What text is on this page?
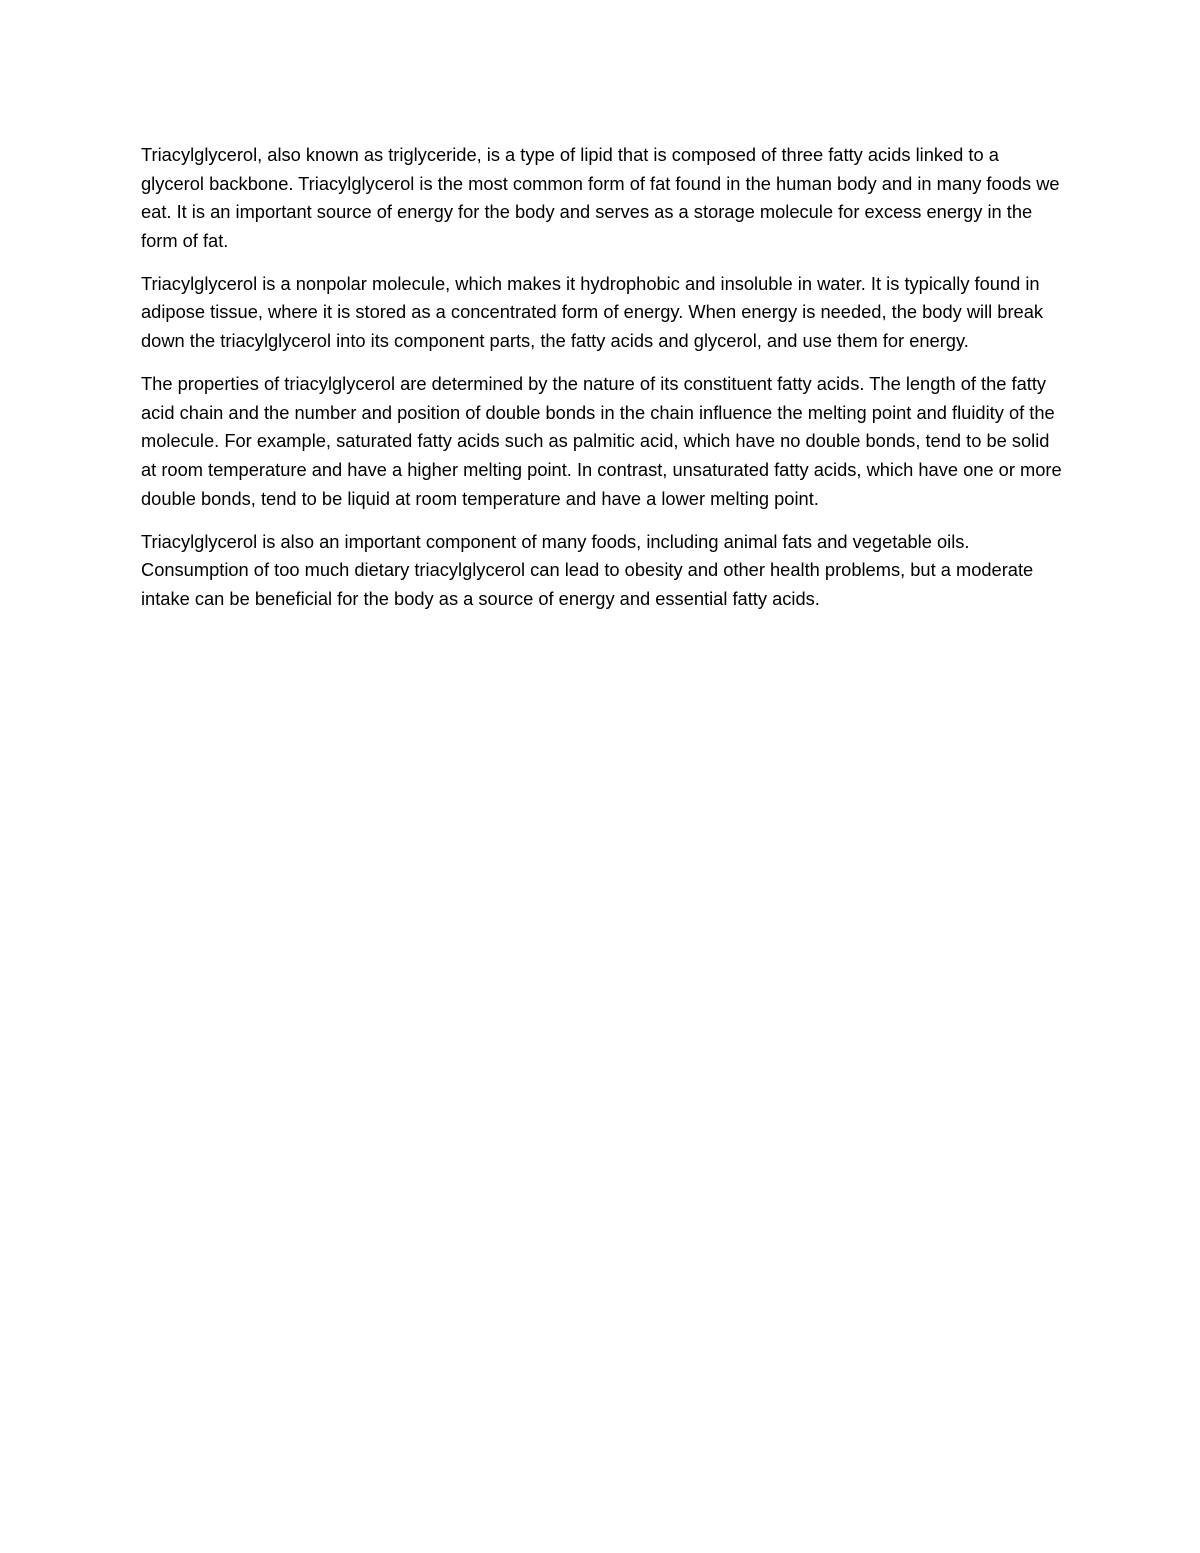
Triacylglycerol, also known as triglyceride, is a type of lipid that is composed of three fatty acids linked to a glycerol backbone. Triacylglycerol is the most common form of fat found in the human body and in many foods we eat. It is an important source of energy for the body and serves as a storage molecule for excess energy in the form of fat.

Triacylglycerol is a nonpolar molecule, which makes it hydrophobic and insoluble in water. It is typically found in adipose tissue, where it is stored as a concentrated form of energy. When energy is needed, the body will break down the triacylglycerol into its component parts, the fatty acids and glycerol, and use them for energy.

The properties of triacylglycerol are determined by the nature of its constituent fatty acids. The length of the fatty acid chain and the number and position of double bonds in the chain influence the melting point and fluidity of the molecule. For example, saturated fatty acids such as palmitic acid, which have no double bonds, tend to be solid at room temperature and have a higher melting point. In contrast, unsaturated fatty acids, which have one or more double bonds, tend to be liquid at room temperature and have a lower melting point.

Triacylglycerol is also an important component of many foods, including animal fats and vegetable oils. Consumption of too much dietary triacylglycerol can lead to obesity and other health problems, but a moderate intake can be beneficial for the body as a source of energy and essential fatty acids.
